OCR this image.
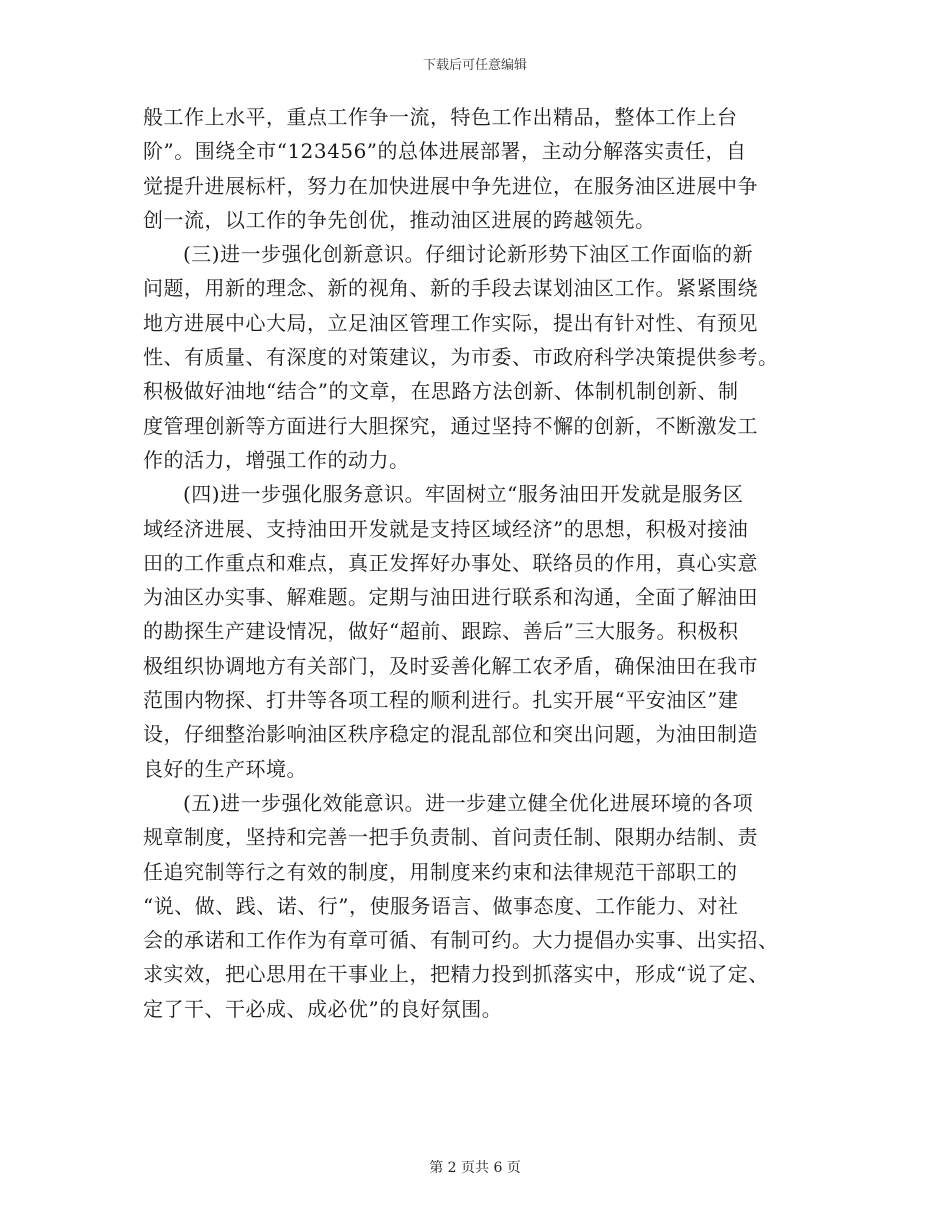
下载后可任意编辑
般工作上水平，重点工作争一流，特色工作出精品，整体工作上台
阶”。围绕全市“123456”的总体进展部署，主动分解落实责任，自
觉提升进展标杆，努力在加快进展中争先进位，在服务油区进展中争
创一流，以工作的争先创优，推动油区进展的跨越领先。
(三)进一步强化创新意识。仔细讨论新形势下油区工作面临的新
问题，用新的理念、新的视角、新的手段去谋划油区工作。紧紧围绕
地方进展中心大局，立足油区管理工作实际，提出有针对性、有预见
性、有质量、有深度的对策建议，为市委、市政府科学决策提供参考。
积极做好油地“结合”的文章，在思路方法创新、体制机制创新、制
度管理创新等方面进行大胆探究，通过坚持不懈的创新，不断激发工
作的活力，增强工作的动力。
(四)进一步强化服务意识。牢固树立“服务油田开发就是服务区
域经济进展、支持油田开发就是支持区域经济”的思想，积极对接油
田的工作重点和难点，真正发挥好办事处、联络员的作用，真心实意
为油区办实事、解难题。定期与油田进行联系和沟通，全面了解油田
的勘探生产建设情况，做好“超前、跟踪、善后”三大服务。积极积
极组织协调地方有关部门，及时妥善化解工农矛盾，确保油田在我市
范围内物探、打井等各项工程的顺利进行。扎实开展“平安油区”建
设，仔细整治影响油区秩序稳定的混乱部位和突出问题，为油田制造
良好的生产环境。
(五)进一步强化效能意识。进一步建立健全优化进展环境的各项
规章制度，坚持和完善一把手负责制、首问责任制、限期办结制、责
任追究制等行之有效的制度，用制度来约束和法律规范干部职工的
“说、做、践、诺、行”，使服务语言、做事态度、工作能力、对社
会的承诺和工作作为有章可循、有制可约。大力提倡办实事、出实招、
求实效，把心思用在干事业上，把精力投到抓落实中，形成“说了定、
定了干、干必成、成必优”的良好氛围。
第 2 页共 6 页
